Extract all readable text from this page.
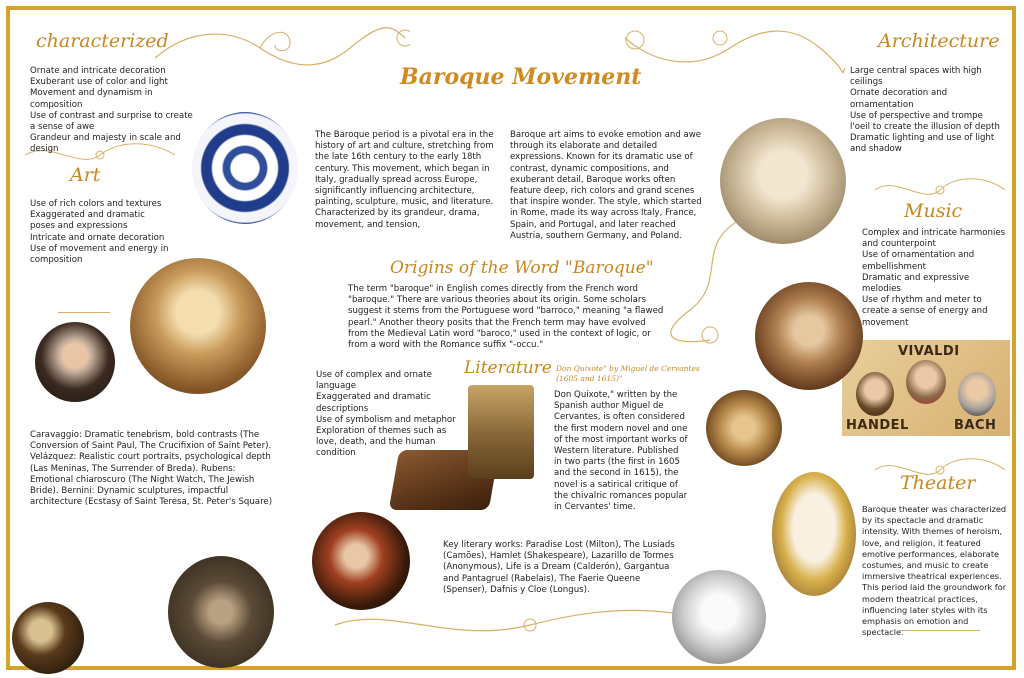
Baroque Movement
characterized
Ornate and intricate decoration
Exuberant use of color and light
Movement and dynamism in composition
Use of contrast and surprise to create a sense of awe
Grandeur and majesty in scale and design
Art
Use of rich colors and textures
Exaggerated and dramatic poses and expressions
Intricate and ornate decoration
Use of movement and energy in composition
Caravaggio: Dramatic tenebrism, bold contrasts (The Conversion of Saint Paul, The Crucifixion of Saint Peter). Velázquez: Realistic court portraits, psychological depth (Las Meninas, The Surrender of Breda). Rubens: Emotional chiaroscuro (The Night Watch, The Jewish Bride). Bernini: Dynamic sculptures, impactful architecture (Ecstasy of Saint Teresa, St. Peter's Square)
The Baroque period is a pivotal era in the history of art and culture, stretching from the late 16th century to the early 18th century. This movement, which began in Italy, gradually spread across Europe, significantly influencing architecture, painting, sculpture, music, and literature. Characterized by its grandeur, drama, movement, and tension,
Baroque art aims to evoke emotion and awe through its elaborate and detailed expressions. Known for its dramatic use of contrast, dynamic compositions, and exuberant detail, Baroque works often feature deep, rich colors and grand scenes that inspire wonder. The style, which started in Rome, made its way across Italy, France, Spain, and Portugal, and later reached Austria, southern Germany, and Poland.
Origins of the Word "Baroque"
The term "baroque" in English comes directly from the French word "baroque." There are various theories about its origin. Some scholars suggest it stems from the Portuguese word "barroco," meaning "a flawed pearl." Another theory posits that the French term may have evolved from the Medieval Latin word "baroco," used in the context of logic, or from a word with the Romance suffix "-occu."
Literature
Use of complex and ornate language
Exaggerated and dramatic descriptions
Use of symbolism and metaphor
Exploration of themes such as love, death, and the human condition
Don Quixote" by Miguel de Cervantes (1605 and 1615)"
Don Quixote," written by the Spanish author Miguel de Cervantes, is often considered the first modern novel and one of the most important works of Western literature. Published in two parts (the first in 1605 and the second in 1615), the novel is a satirical critique of the chivalric romances popular in Cervantes' time.
Key literary works: Paradise Lost (Milton), The Lusiads (Camões), Hamlet (Shakespeare), Lazarillo de Tormes (Anonymous), Life is a Dream (Calderón), Gargantua and Pantagruel (Rabelais), The Faerie Queene (Spenser), Dafnis y Cloe (Longus).
Architecture
Large central spaces with high ceilings
Ornate decoration and ornamentation
Use of perspective and trompe l'oeil to create the illusion of depth
Dramatic lighting and use of light and shadow
Music
Complex and intricate harmonies and counterpoint
Use of ornamentation and embellishment
Dramatic and expressive melodies
Use of rhythm and meter to create a sense of energy and movement
VIVALDI
HANDEL	BACH
Theater
Baroque theater was characterized by its spectacle and dramatic intensity. With themes of heroism, love, and religion, it featured emotive performances, elaborate costumes, and music to create immersive theatrical experiences. This period laid the groundwork for modern theatrical practices, influencing later styles with its emphasis on emotion and spectacle.
